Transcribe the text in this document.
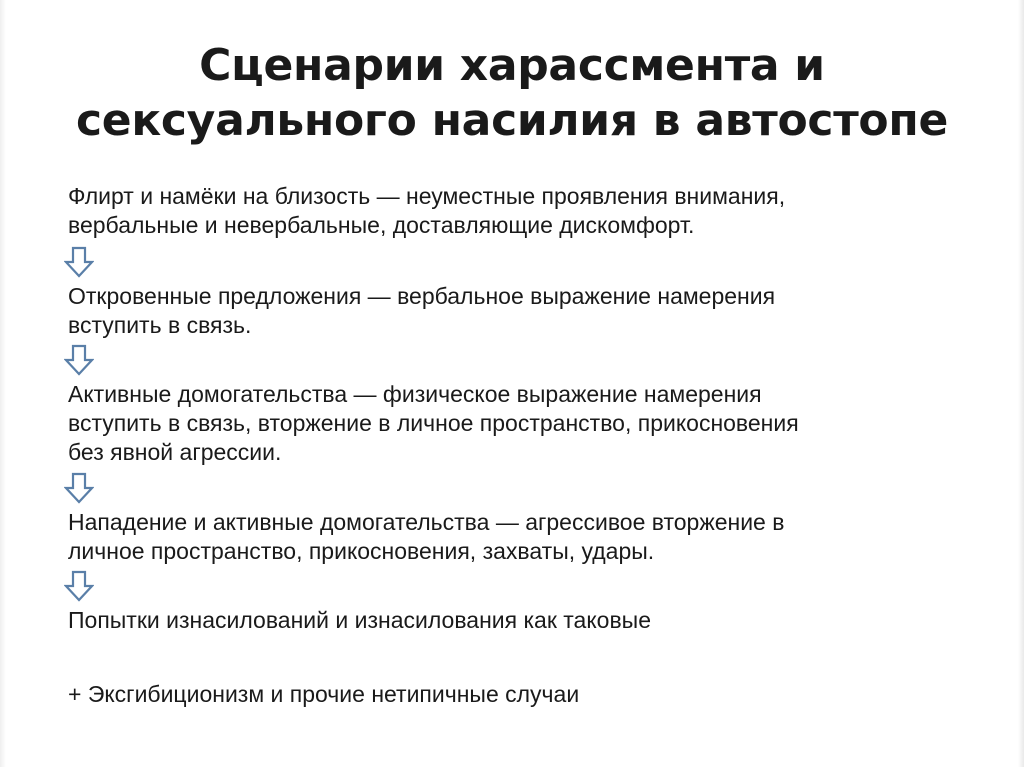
Сценарии харассмента и
сексуального насилия в автостопе
Флирт и намёки на близость — неуместные проявления внимания,
вербальные и невербальные, доставляющие дискомфорт.
Откровенные предложения — вербальное выражение намерения
вступить в связь.
Активные домогательства — физическое выражение намерения
вступить в связь, вторжение в личное пространство, прикосновения
без явной агрессии.
Нападение и активные домогательства — агрессивое вторжение в
личное пространство, прикосновения, захваты, удары.
Попытки изнасилований и изнасилования как таковые
+ Эксгибиционизм и прочие нетипичные случаи
